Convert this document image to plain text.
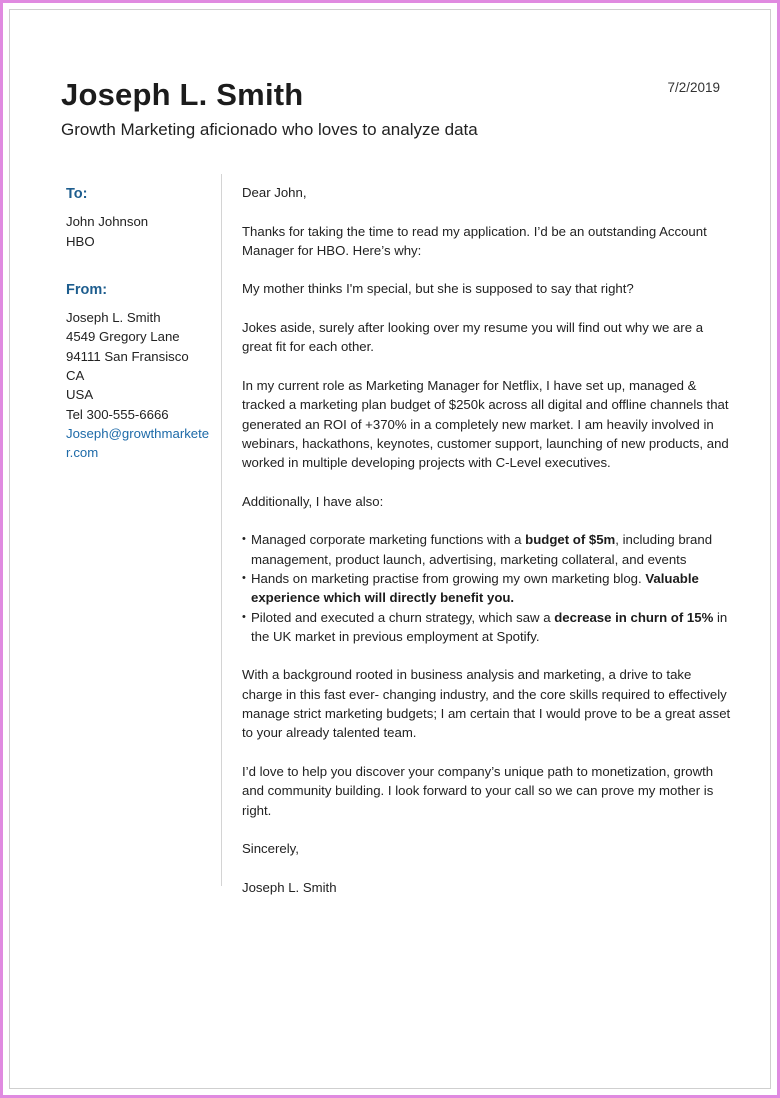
Joseph L. Smith
Growth Marketing aficionado who loves to analyze data
7/2/2019
To:
John Johnson
HBO
From:
Joseph L. Smith
4549 Gregory Lane
94111 San Fransisco
CA
USA
Tel 300-555-6666
Joseph@growthmarketer.com

Dear John,

Thanks for taking the time to read my application. I’d be an outstanding Account Manager for HBO. Here’s why:

My mother thinks I'm special, but she is supposed to say that right?

Jokes aside, surely after looking over my resume you will find out why we are a great fit for each other.

In my current role as Marketing Manager for Netflix, I have set up, managed & tracked a marketing plan budget of $250k across all digital and offline channels that generated an ROI of +370% in a completely new market. I am heavily involved in webinars, hackathons, keynotes, customer support, launching of new products, and worked in multiple developing projects with C-Level executives.

Additionally, I have also:

• Managed corporate marketing functions with a budget of $5m, including brand management, product launch, advertising, marketing collateral, and events
• Hands on marketing practise from growing my own marketing blog. Valuable experience which will directly benefit you.
• Piloted and executed a churn strategy, which saw a decrease in churn of 15% in the UK market in previous employment at Spotify.

With a background rooted in business analysis and marketing, a drive to take charge in this fast ever- changing industry, and the core skills required to effectively manage strict marketing budgets; I am certain that I would prove to be a great asset to your already talented team.

I’d love to help you discover your company’s unique path to monetization, growth and community building. I look forward to your call so we can prove my mother is right.

Sincerely,

Joseph L. Smith
